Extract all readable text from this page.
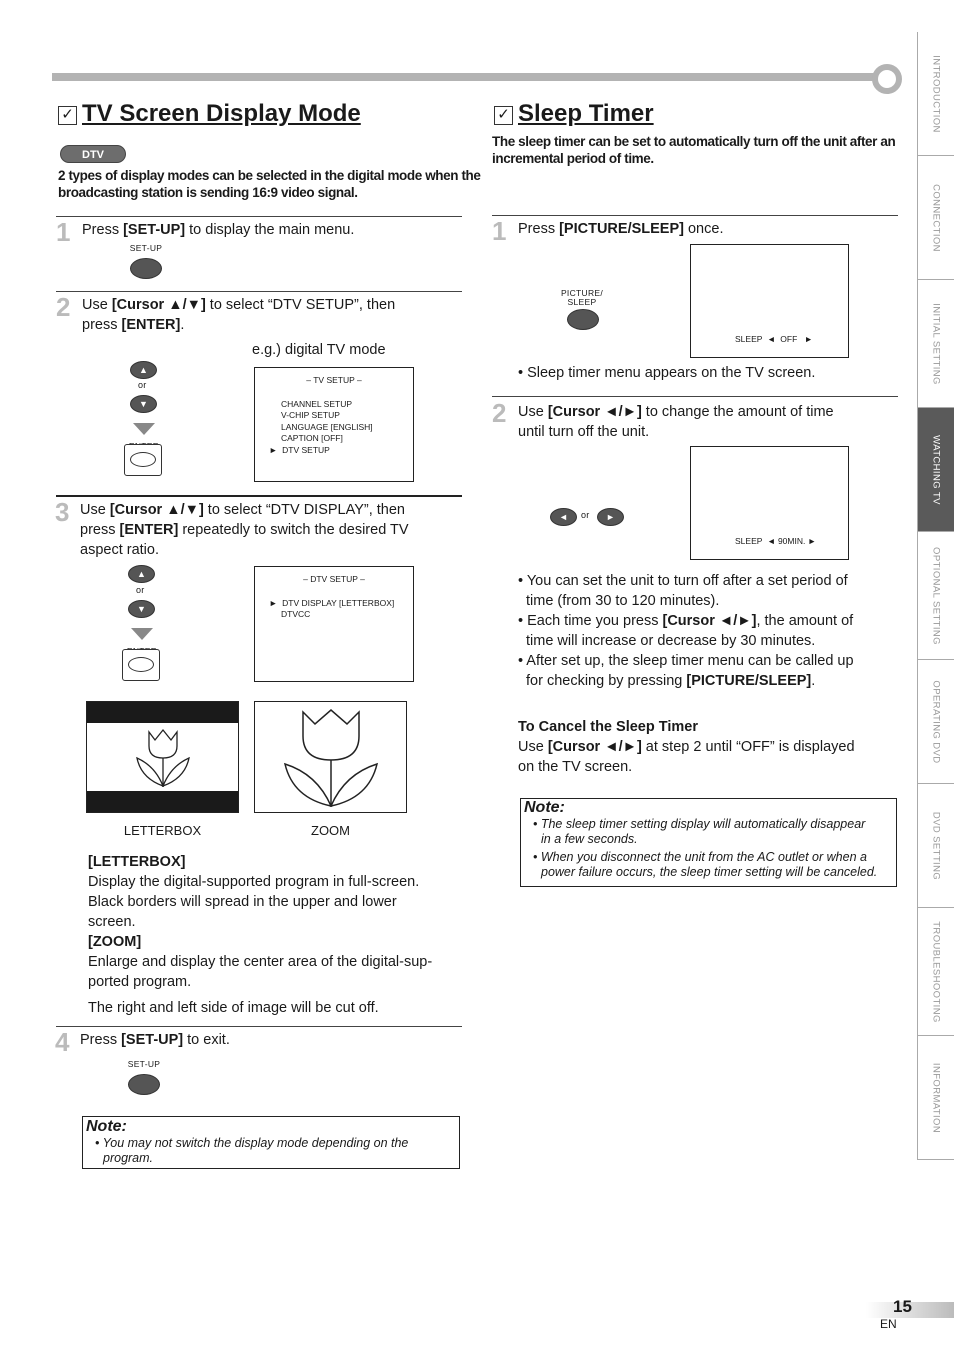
✓ TV Screen Display Mode
DTV
2 types of display modes can be selected in the digital mode when the
broadcasting station is sending 16:9 video signal.
1 Press [SET-UP] to display the main menu.
SET-UP
2 Use [Cursor ▲/▼] to select “DTV SETUP”, then
press [ENTER].
e.g.) digital TV mode
▲
or
▼
– TV SETUP –
CHANNEL SETUP
V-CHIP SETUP
LANGUAGE [ENGLISH]
CAPTION [OFF]
► DTV SETUP
3 Use [Cursor ▲/▼] to select “DTV DISPLAY”, then
press [ENTER] repeatedly to switch the desired TV
aspect ratio.
▲
or
▼
– DTV SETUP –
► DTV DISPLAY [LETTERBOX]
DTVCC
LETTERBOX	ZOOM
[LETTERBOX]
Display the digital-supported program in full-screen.
Black borders will spread in the upper and lower
screen.
[ZOOM]
Enlarge and display the center area of the digital-sup-
ported program.
The right and left side of image will be cut off.
4 Press [SET-UP] to exit.
SET-UP
Note:
• You may not switch the display mode depending on the
program.
✓ Sleep Timer
The sleep timer can be set to automatically turn off the unit after an
incremental period of time.
1 Press [PICTURE/SLEEP] once.
PICTURE/
SLEEP
SLEEP ◄ OFF ►
• Sleep timer menu appears on the TV screen.
2 Use [Cursor ◄/►] to change the amount of time
until turn off the unit.
◄	or	►
SLEEP ◄ 90MIN. ►
• You can set the unit to turn off after a set period of
time (from 30 to 120 minutes).
• Each time you press [Cursor ◄/►], the amount of
time will increase or decrease by 30 minutes.
• After set up, the sleep timer menu can be called up
for checking by pressing [PICTURE/SLEEP].
To Cancel the Sleep Timer
Use [Cursor ◄/►] at step 2 until “OFF” is displayed
on the TV screen.
Note:
• The sleep timer setting display will automatically disappear
in a few seconds.
• When you disconnect the unit from the AC outlet or when a
power failure occurs, the sleep timer setting will be canceled.
INTRODUCTION
CONNECTION
INITIAL SETTING
WATCHING TV
OPTIONAL SETTING
OPERATING DVD
DVD SETTING
TROUBLESHOOTING
INFORMATION
15
EN
